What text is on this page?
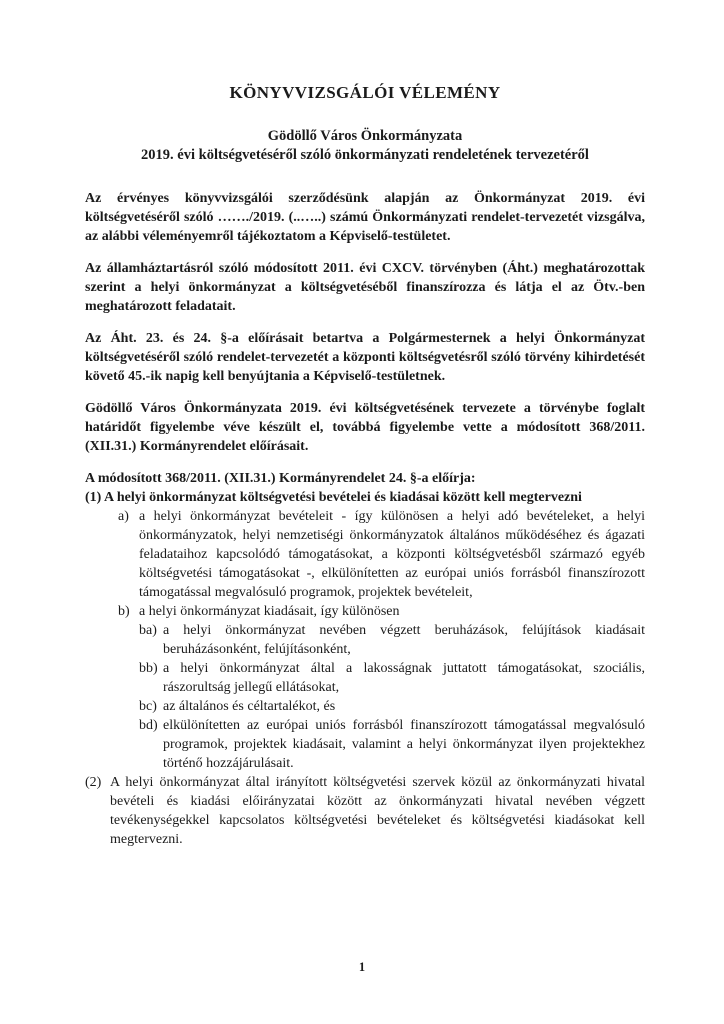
KÖNYVVIZSGÁLÓI VÉLEMÉNY
Gödöllő Város Önkormányzata
2019. évi költségvetéséről szóló önkormányzati rendeletének tervezetéről

Az érvényes könyvvizsgálói szerződésünk alapján az Önkormányzat 2019. évi költségvetéséről szóló ……./2019. (..…..) számú Önkormányzati rendelet-tervezetét vizsgálva, az alábbi véleményemről tájékoztatom a Képviselő-testületet.

Az államháztartásról szóló módosított 2011. évi CXCV. törvényben (Áht.) meghatározottak szerint a helyi önkormányzat a költségvetéséből finanszírozza és látja el az Ötv.-ben meghatározott feladatait.

Az Áht. 23. és 24. §-a előírásait betartva a Polgármesternek a helyi Önkormányzat költségvetéséről szóló rendelet-tervezetét a központi költségvetésről szóló törvény kihirdetését követő 45.-ik napig kell benyújtania a Képviselő-testületnek.

Gödöllő Város Önkormányzata 2019. évi költségvetésének tervezete a törvénybe foglalt határidőt figyelembe véve készült el, továbbá figyelembe vette a módosított 368/2011. (XII.31.) Kormányrendelet előírásait.

A módosított 368/2011. (XII.31.) Kormányrendelet 24. §-a előírja:

(1) A helyi önkormányzat költségvetési bevételei és kiadásai között kell megtervezni

a) a helyi önkormányzat bevételeit - így különösen a helyi adó bevételeket, a helyi önkormányzatok, helyi nemzetiségi önkormányzatok általános működéséhez és ágazati feladataihoz kapcsolódó támogatásokat, a központi költségvetésből származó egyéb költségvetési támogatásokat -, elkülönítetten az európai uniós forrásból finanszírozott támogatással megvalósuló programok, projektek bevételeit,
b) a helyi önkormányzat kiadásait, így különösen
ba) a helyi önkormányzat nevében végzett beruházások, felújítások kiadásait beruházásonként, felújításonként,
bb) a helyi önkormányzat által a lakosságnak juttatott támogatásokat, szociális, rászorultság jellegű ellátásokat,
bc) az általános és céltartalékot, és
bd) elkülönítetten az európai uniós forrásból finanszírozott támogatással megvalósuló programok, projektek kiadásait, valamint a helyi önkormányzat ilyen projektekhez történő hozzájárulásait.
(2) A helyi önkormányzat által irányított költségvetési szervek közül az önkormányzati hivatal bevételi és kiadási előirányzatai között az önkormányzati hivatal nevében végzett tevékenységekkel kapcsolatos költségvetési bevételeket és költségvetési kiadásokat kell megtervezni.
1
